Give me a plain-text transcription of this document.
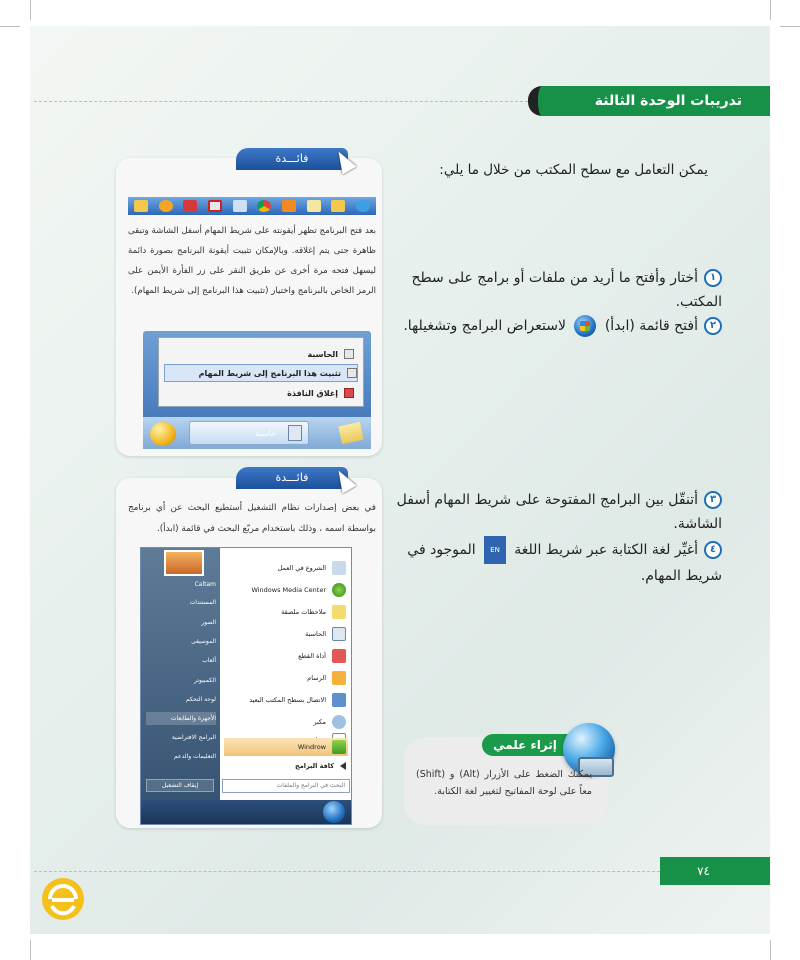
تدريبات الوحدة الثالثة
يمكن التعامل مع سطح المكتب من خلال ما يلي:
١أختار وأفتح ما أريد من ملفات أو برامج على سطح المكتب.
٢أفتح قائمة (ابدأ)  لاستعراض البرامج وتشغيلها.
٣أتنقّل بين البرامج المفتوحة على شريط المهام أسفل الشاشة.
٤أغيِّر لغة الكتابة عبر شريط اللغة EN الموجود في شريط المهام.
فائـــدة
بعد فتح البرنامج تظهر أيقونته على شريط المهام أسفل الشاشة وتبقى ظاهرة حتى يتم إغلاقه. وبالإمكان تثبيت أيقونة البرنامج بصورة دائمة ليسهل فتحه مرة أخرى عن طريق النقر على زر الفأرة الأيمن على الرمز الخاص بالبرنامج واختيار (تثبيت هذا البرنامج إلى شريط المهام).
الحاسبة
تثبيت هذا البرنامج إلى شريط المهام
إغلاق النافذة
حاسبة
فائـــدة
في بعض إصدارات نظام التشغيل أستطيع البحث عن أي برنامج بواسطة اسمه ، وذلك باستخدام مربّع البحث في قائمة (ابدأ).
Caltam
المستندات
الصور
الموسيقى
ألعاب
الكمبيوتر
لوحة التحكم
الأجهزة والطابعات
البرامج الافتراضية
التعليمات والدعم
الشروع في العمل
Windows Media Center
ملاحظات ملصقة
الحاسبة
أداة القطع
الرسام
الاتصال بسطح المكتب البعيد
مكبر
Windrow
كافة البرامج
البحث في البرامج والملفات
إيقاف التشغيل
إثراء علمي
يمكنك الضغط على الأزرار (Alt) و (Shift) معاً على لوحة المفاتيح لتغيير لغة الكتابة.
٧٤
